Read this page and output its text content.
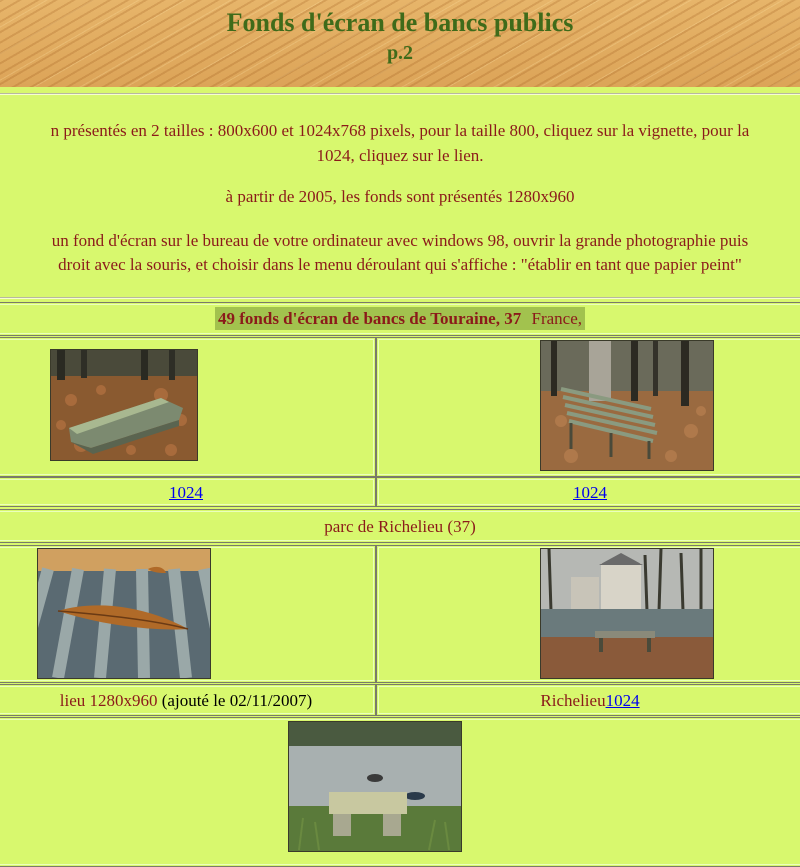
Fonds d'écran de bancs publics
p.2
n présentés en 2 tailles : 800x600 et 1024x768 pixels, pour la taille 800, cliquez sur la vignette, pour la
1024, cliquez sur le lien.
à partir de 2005, les fonds sont présentés 1280x960
un fond d'écran sur le bureau de votre ordinateur avec windows 98, ouvrir la grande photographie puis
droit avec la souris, et choisir dans le menu déroulant qui s'affiche : "établir en tant que papier peint"
49 fonds d'écran de bancs de Touraine, 37 France,
1024	1024
parc de Richelieu (37)
lieu 1280x960 (ajouté le 02/11/2007)	Richelieu1024
